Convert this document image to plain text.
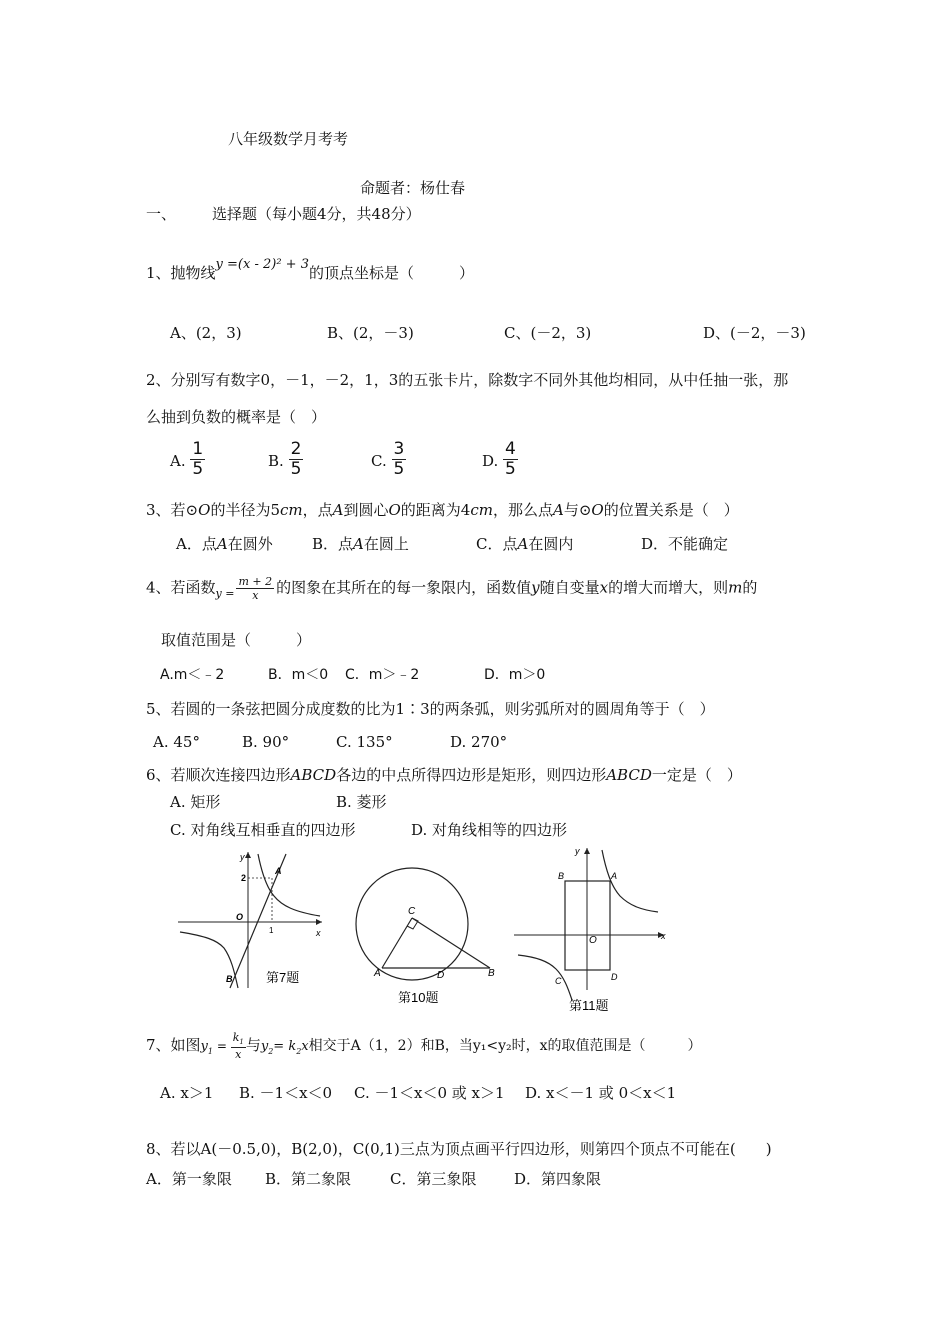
八年级数学月考考
命题者：杨仕春
一、 选择题（每小题4分，共48分）
1、抛物线y =(x - 2)² + 3的顶点坐标是（　　　）
A、(2，3)	B、(2，－3)	C、(－2，3)	D、(－2，－3)
2、分别写有数字0，－1，－2，1，3的五张卡片，除数字不同外其他均相同，从中任抽一张，那
么抽到负数的概率是（　）
A. $\frac{1}{5}$	B. $\frac{2}{5}$	C. $\frac{3}{5}$	D. $\frac{4}{5}$
3、若⊙O的半径为5cm，点A到圆心O的距离为4cm，那么点A与⊙O的位置关系是（　）
A．点A在圆外	B．点A在圆上	C．点A在圆内	D．不能确定
4、若函数$_{y =} \frac{m + 2}{x}$ 的图象在其所在的每一象限内，函数值y随自变量x的增大而增大，则m的
取值范围是（　　　）
A.m＜﹣2	B．m＜0 C．m＞﹣2	D．m＞0
5、若圆的一条弦把圆分成度数的比为1∶3的两条弧，则劣弧所对的圆周角等于（　）
A. 45°	B. 90°	C. 135°	D. 270°
6、若顺次连接四边形ABCD各边的中点所得四边形是矩形，则四边形ABCD一定是（　）
A. 矩形	B. 菱形
C. 对角线互相垂直的四边形	D. 对角线相等的四边形
y
x
O
A
B
2
1
第7题
C
A	D	B
第10题
y
x
O
B	A
C	D
第11题
7、如图$y_1 = \frac{k_1}{x}$ 与$y_2= k_2x$相交于A（1，2）和B，当y₁<y₂时，x的取值范围是（　　　）
A. x＞1 B. －1＜x＜0 C. －1＜x＜0 或 x＞1 D. x＜－1 或 0＜x＜1
8、若以A(－0.5,0)，B(2,0)，C(0,1)三点为顶点画平行四边形，则第四个顶点不可能在(　　)
A．第一象限 B．第二象限	C．第三象限	D．第四象限
